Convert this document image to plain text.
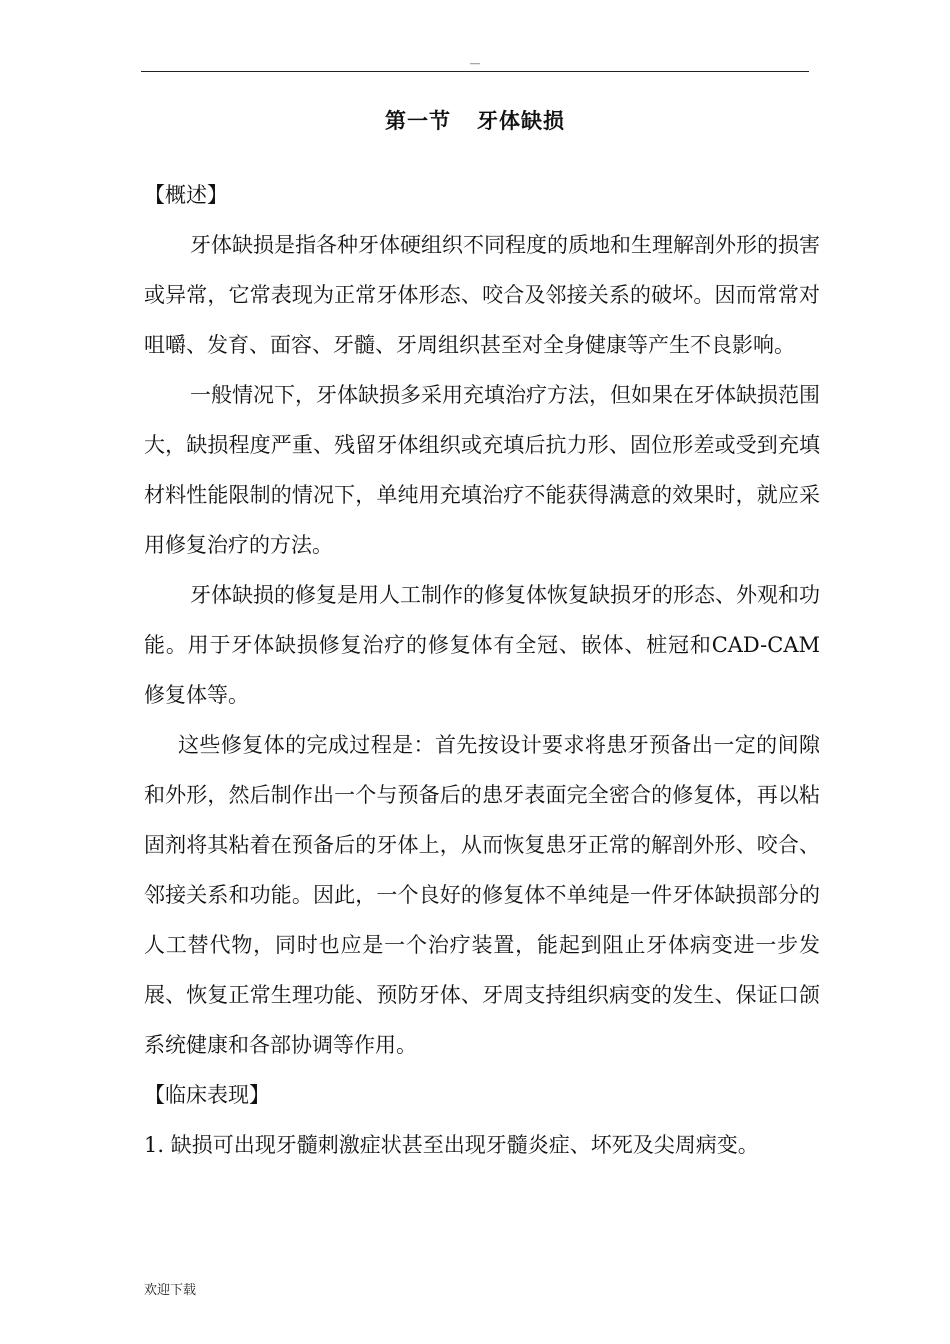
—
第一节 牙体缺损

【概述】

牙体缺损是指各种牙体硬组织不同程度的质地和生理解剖外形的损害或异常，它常表现为正常牙体形态、咬合及邻接关系的破坏。因而常常对咀嚼、发育、面容、牙髓、牙周组织甚至对全身健康等产生不良影响。

一般情况下，牙体缺损多采用充填治疗方法，但如果在牙体缺损范围大，缺损程度严重、残留牙体组织或充填后抗力形、固位形差或受到充填材料性能限制的情况下，单纯用充填治疗不能获得满意的效果时，就应采用修复治疗的方法。

牙体缺损的修复是用人工制作的修复体恢复缺损牙的形态、外观和功能。用于牙体缺损修复治疗的修复体有全冠、嵌体、桩冠和CAD-CAM 修复体等。

这些修复体的完成过程是：首先按设计要求将患牙预备出一定的间隙和外形，然后制作出一个与预备后的患牙表面完全密合的修复体，再以粘固剂将其粘着在预备后的牙体上，从而恢复患牙正常的解剖外形、咬合、邻接关系和功能。因此，一个良好的修复体不单纯是一件牙体缺损部分的人工替代物，同时也应是一个治疗装置，能起到阻止牙体病变进一步发展、恢复正常生理功能、预防牙体、牙周支持组织病变的发生、保证口颌系统健康和各部协调等作用。

【临床表现】

1. 缺损可出现牙髓刺激症状甚至出现牙髓炎症、坏死及尖周病变。

欢迎下载
